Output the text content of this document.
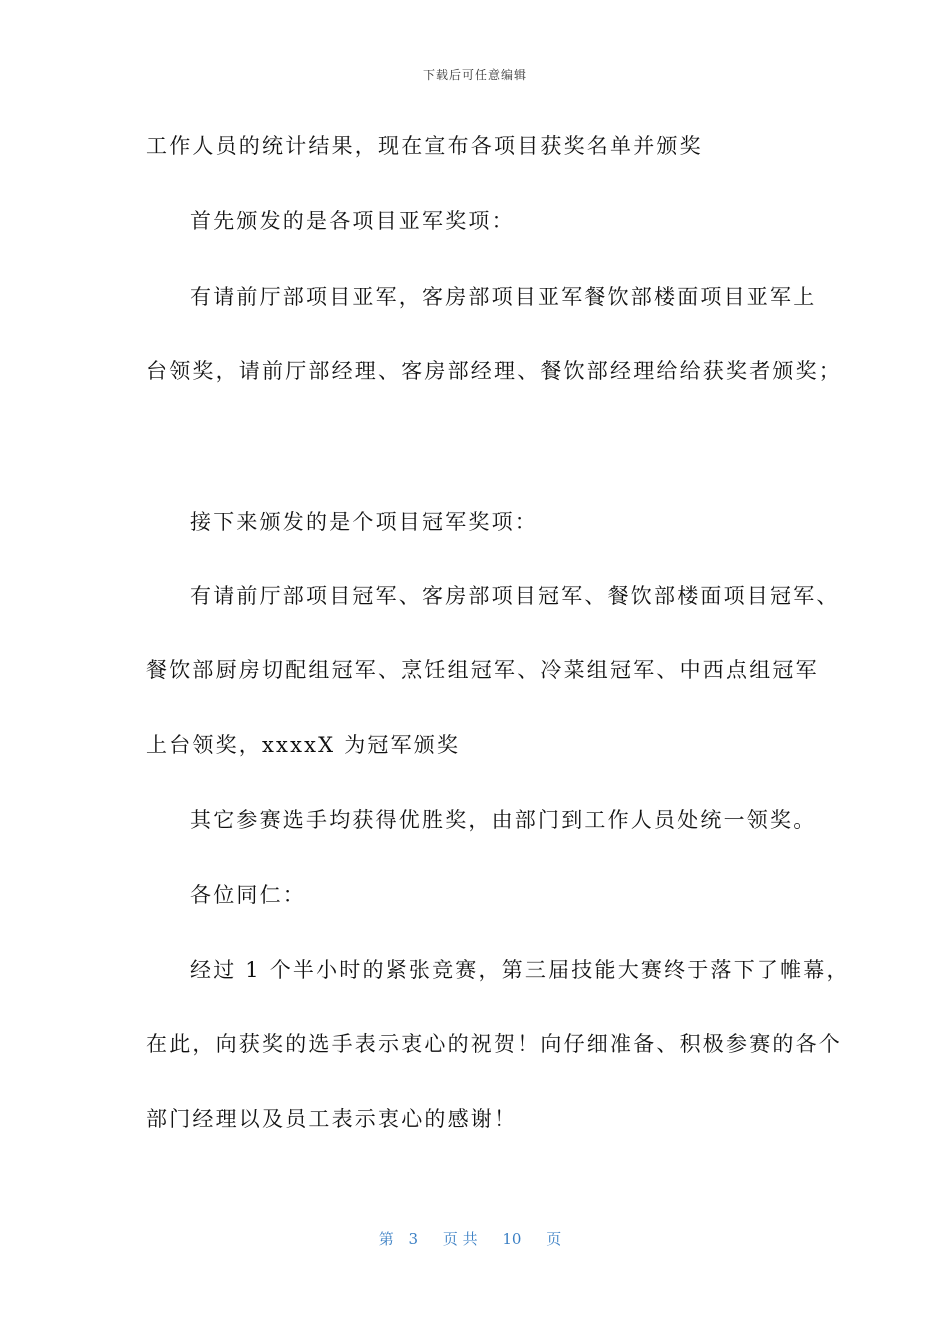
下载后可任意编辑
工作人员的统计结果，现在宣布各项目获奖名单并颁奖
首先颁发的是各项目亚军奖项：
有请前厅部项目亚军，客房部项目亚军餐饮部楼面项目亚军上
台领奖，请前厅部经理、客房部经理、餐饮部经理给给获奖者颁奖；
接下来颁发的是个项目冠军奖项：
有请前厅部项目冠军、客房部项目冠军、餐饮部楼面项目冠军、
餐饮部厨房切配组冠军、烹饪组冠军、冷菜组冠军、中西点组冠军
上台领奖，xxxxX 为冠军颁奖
其它参赛选手均获得优胜奖，由部门到工作人员处统一领奖。
各位同仁：
经过 1 个半小时的紧张竞赛，第三届技能大赛终于落下了帷幕，
在此，向获奖的选手表示衷心的祝贺！向仔细准备、积极参赛的各个
部门经理以及员工表示衷心的感谢！
第 3 页 共 10 页
